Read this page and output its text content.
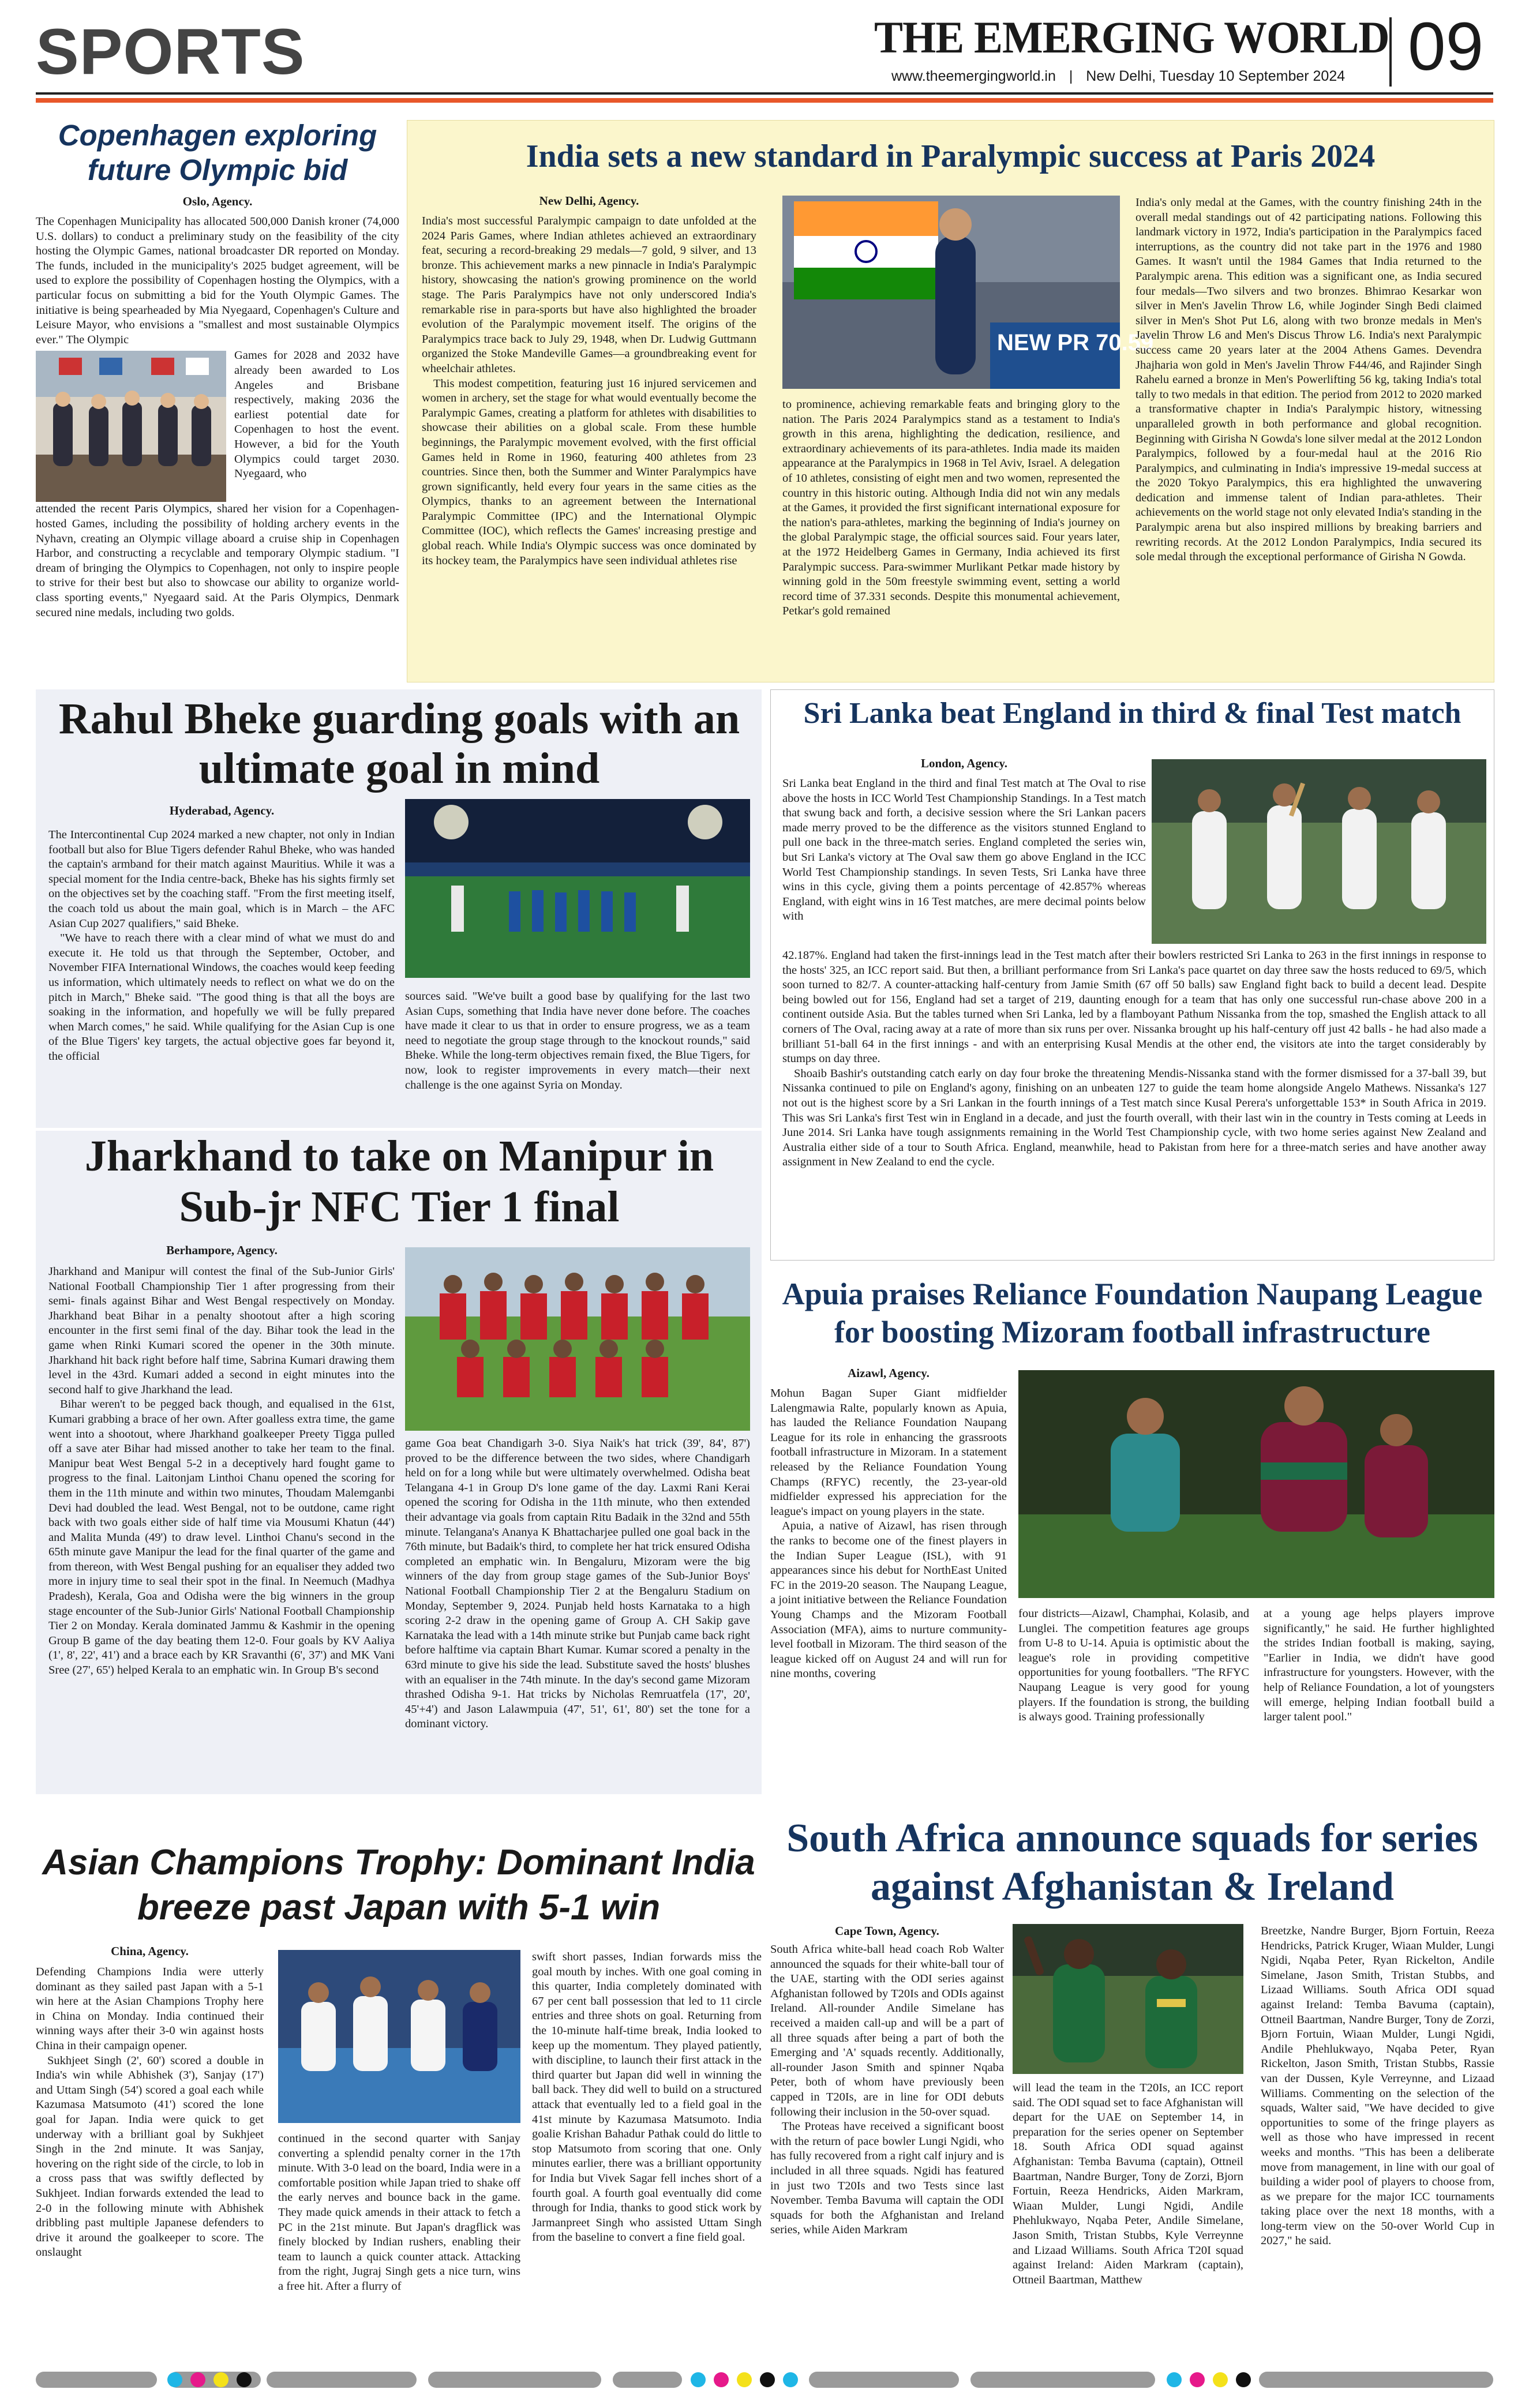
SPORTS	THE EMERGING WORLD
www.theemergingworld.in | New Delhi, Tuesday 10 September 2024 09
Copenhagen exploring future Olympic bid
Oslo, Agency.

The Copenhagen Municipality has allocated 500,000 Danish kroner (74,000 U.S. dollars) to conduct a preliminary study on the feasibility of the city hosting the Olympic Games, national broadcaster DR reported on Monday. The funds, included in the municipality's 2025 budget agreement, will be used to explore the possibility of Copenhagen hosting the Olympics, with a particular focus on submitting a bid for the Youth Olympic Games. The initiative is being spearheaded by Mia Nyegaard, Copenhagen's Culture and Leisure Mayor, who envisions a "smallest and most sustainable Olympics ever." The Olympic

Games for 2028 and 2032 have already been awarded to Los Angeles and Brisbane respectively, making 2036 the earliest potential date for Copenhagen to host the event. However, a bid for the Youth Olympics could target 2030. Nyegaard, who

attended the recent Paris Olympics, shared her vision for a Copenhagen-hosted Games, including the possibility of holding archery events in the Nyhavn, creating an Olympic village aboard a cruise ship in Copenhagen Harbor, and constructing a recyclable and temporary Olympic stadium. "I dream of bringing the Olympics to Copenhagen, not only to inspire people to strive for their best but also to showcase our ability to organize world-class sporting events," Nyegaard said. At the Paris Olympics, Denmark secured nine medals, including two golds.

India sets a new standard in Paralympic success at Paris 2024
New Delhi, Agency.

India's most successful Paralympic campaign to date unfolded at the 2024 Paris Games, where Indian athletes achieved an extraordinary feat, securing a record-breaking 29 medals—7 gold, 9 silver, and 13 bronze. This achievement marks a new pinnacle in India's Paralympic history, showcasing the nation's growing prominence on the world stage. The Paris Paralympics have not only underscored India's remarkable rise in para-sports but have also highlighted the broader evolution of the Paralympic movement itself. The origins of the Paralympics trace back to July 29, 1948, when Dr. Ludwig Guttmann organized the Stoke Mandeville Games—a groundbreaking event for wheelchair athletes.

This modest competition, featuring just 16 injured servicemen and women in archery, set the stage for what would eventually become the Paralympic Games, creating a platform for athletes with disabilities to showcase their abilities on a global scale. From these humble beginnings, the Paralympic movement evolved, with the first official Games held in Rome in 1960, featuring 400 athletes from 23 countries. Since then, both the Summer and Winter Paralympics have grown significantly, held every four years in the same cities as the Olympics, thanks to an agreement between the International Paralympic Committee (IPC) and the International Olympic Committee (IOC), which reflects the Games' increasing prestige and global reach. While India's Olympic success was once dominated by its hockey team, the Paralympics have seen individual athletes rise

NEW PR 70.59

to prominence, achieving remarkable feats and bringing glory to the nation. The Paris 2024 Paralympics stand as a testament to India's growth in this arena, highlighting the dedication, resilience, and extraordinary achievements of its para-athletes. India made its maiden appearance at the Paralympics in 1968 in Tel Aviv, Israel. A delegation of 10 athletes, consisting of eight men and two women, represented the country in this historic outing. Although India did not win any medals at the Games, it provided the first significant international exposure for the nation's para-athletes, marking the beginning of India's journey on the global Paralympic stage, the official sources said. Four years later, at the 1972 Heidelberg Games in Germany, India achieved its first Paralympic success. Para-swimmer Murlikant Petkar made history by winning gold in the 50m freestyle swimming event, setting a world record time of 37.331 seconds. Despite this monumental achievement, Petkar's gold remained

India's only medal at the Games, with the country finishing 24th in the overall medal standings out of 42 participating nations. Following this landmark victory in 1972, India's participation in the Paralympics faced interruptions, as the country did not take part in the 1976 and 1980 Games. It wasn't until the 1984 Games that India returned to the Paralympic arena. This edition was a significant one, as India secured four medals—Two silvers and two bronzes. Bhimrao Kesarkar won silver in Men's Javelin Throw L6, while Joginder Singh Bedi claimed silver in Men's Shot Put L6, along with two bronze medals in Men's Javelin Throw L6 and Men's Discus Throw L6. India's next Paralympic success came 20 years later at the 2004 Athens Games. Devendra Jhajharia won gold in Men's Javelin Throw F44/46, and Rajinder Singh Rahelu earned a bronze in Men's Powerlifting 56 kg, taking India's total tally to two medals in that edition. The period from 2012 to 2020 marked a transformative chapter in India's Paralympic history, witnessing unparalleled growth in both performance and global recognition. Beginning with Girisha N Gowda's lone silver medal at the 2012 London Paralympics, followed by a four-medal haul at the 2016 Rio Paralympics, and culminating in India's impressive 19-medal success at the 2020 Tokyo Paralympics, this era highlighted the unwavering dedication and immense talent of Indian para-athletes. Their achievements on the world stage not only elevated India's standing in the Paralympic arena but also inspired millions by breaking barriers and rewriting records. At the 2012 London Paralympics, India secured its sole medal through the exceptional performance of Girisha N Gowda.

Rahul Bheke guarding goals with an ultimate goal in mind
Hyderabad, Agency.

The Intercontinental Cup 2024 marked a new chapter, not only in Indian football but also for Blue Tigers defender Rahul Bheke, who was handed the captain's armband for their match against Mauritius. While it was a special moment for the India centre-back, Bheke has his sights firmly set on the objectives set by the coaching staff. "From the first meeting itself, the coach told us about the main goal, which is in March – the AFC Asian Cup 2027 qualifiers," said Bheke.

"We have to reach there with a clear mind of what we must do and execute it. He told us that through the September, October, and November FIFA International Windows, the coaches would keep feeding us information, which ultimately needs to reflect on what we do on the pitch in March," Bheke said. "The good thing is that all the boys are soaking in the information, and hopefully we will be fully prepared when March comes," he said. While qualifying for the Asian Cup is one of the Blue Tigers' key targets, the actual objective goes far beyond it, the official

sources said. "We've built a good base by qualifying for the last two Asian Cups, something that India have never done before. The coaches have made it clear to us that in order to ensure progress, we as a team need to negotiate the group stage through to the knockout rounds," said Bheke. While the long-term objectives remain fixed, the Blue Tigers, for now, look to register improvements in every match—their next challenge is the one against Syria on Monday.

Jharkhand to take on Manipur in Sub-jr NFC Tier 1 final
Berhampore, Agency.

Jharkhand and Manipur will contest the final of the Sub-Junior Girls' National Football Championship Tier 1 after progressing from their semi- finals against Bihar and West Bengal respectively on Monday. Jharkhand beat Bihar in a penalty shootout after a high scoring encounter in the first semi final of the day. Bihar took the lead in the game when Rinki Kumari scored the opener in the 30th minute. Jharkhand hit back right before half time, Sabrina Kumari drawing them level in the 43rd. Kumari added a second in eight minutes into the second half to give Jharkhand the lead.

Bihar weren't to be pegged back though, and equalised in the 61st, Kumari grabbing a brace of her own. After goalless extra time, the game went into a shootout, where Jharkhand goalkeeper Preety Tigga pulled off a save ater Bihar had missed another to take her team to the final. Manipur beat West Bengal 5-2 in a deceptively hard fought game to progress to the final. Laitonjam Linthoi Chanu opened the scoring for them in the 11th minute and within two minutes, Thoudam Malemganbi Devi had doubled the lead. West Bengal, not to be outdone, came right back with two goals either side of half time via Mousumi Khatun (44') and Malita Munda (49') to draw level. Linthoi Chanu's second in the 65th minute gave Manipur the lead for the final quarter of the game and from thereon, with West Bengal pushing for an equaliser they added two more in injury time to seal their spot in the final. In Neemuch (Madhya Pradesh), Kerala, Goa and Odisha were the big winners in the group stage encounter of the Sub-Junior Girls' National Football Championship Tier 2 on Monday. Kerala dominated Jammu & Kashmir in the opening Group B game of the day beating them 12-0. Four goals by KV Aaliya (1', 8', 22', 41') and a brace each by KR Sravanthi (6', 37') and MK Vani Sree (27', 65') helped Kerala to an emphatic win. In Group B's second

game Goa beat Chandigarh 3-0. Siya Naik's hat trick (39', 84', 87') proved to be the difference between the two sides, where Chandigarh held on for a long while but were ultimately overwhelmed. Odisha beat Telangana 4-1 in Group D's lone game of the day. Laxmi Rani Kerai opened the scoring for Odisha in the 11th minute, who then extended their advantage via goals from captain Ritu Badaik in the 32nd and 55th minute. Telangana's Ananya K Bhattacharjee pulled one goal back in the 76th minute, but Badaik's third, to complete her hat trick ensured Odisha completed an emphatic win. In Bengaluru, Mizoram were the big winners of the day from group stage games of the Sub-Junior Boys' National Football Championship Tier 2 at the Bengaluru Stadium on Monday, September 9, 2024. Punjab held hosts Karnataka to a high scoring 2-2 draw in the opening game of Group A. CH Sakip gave Karnataka the lead with a 14th minute strike but Punjab came back right before halftime via captain Bhart Kumar. Kumar scored a penalty in the 63rd minute to give his side the lead. Substitute saved the hosts' blushes with an equaliser in the 74th minute. In the day's second game Mizoram thrashed Odisha 9-1. Hat tricks by Nicholas Remruatfela (17', 20', 45'+4') and Jason Lalawmpuia (47', 51', 61', 80') set the tone for a dominant victory.

Sri Lanka beat England in third & final Test match
London, Agency.

Sri Lanka beat England in the third and final Test match at The Oval to rise above the hosts in ICC World Test Championship Standings. In a Test match that swung back and forth, a decisive session where the Sri Lankan pacers made merry proved to be the difference as the visitors stunned England to pull one back in the three-match series. England completed the series win, but Sri Lanka's victory at The Oval saw them go above England in the ICC World Test Championship standings. In seven Tests, Sri Lanka have three wins in this cycle, giving them a points percentage of 42.857% whereas England, with eight wins in 16 Test matches, are mere decimal points below with

42.187%. England had taken the first-innings lead in the Test match after their bowlers restricted Sri Lanka to 263 in the first innings in response to the hosts' 325, an ICC report said. But then, a brilliant performance from Sri Lanka's pace quartet on day three saw the hosts reduced to 69/5, which soon turned to 82/7. A counter-attacking half-century from Jamie Smith (67 off 50 balls) saw England fight back to build a decent lead. Despite being bowled out for 156, England had set a target of 219, daunting enough for a team that has only one successful run-chase above 200 in a continent outside Asia. But the tables turned when Sri Lanka, led by a flamboyant Pathum Nissanka from the top, smashed the English attack to all corners of The Oval, racing away at a rate of more than six runs per over. Nissanka brought up his half-century off just 42 balls - he had also made a brilliant 51-ball 64 in the first innings - and with an enterprising Kusal Mendis at the other end, the visitors ate into the target considerably by stumps on day three.

Shoaib Bashir's outstanding catch early on day four broke the threatening Mendis-Nissanka stand with the former dismissed for a 37-ball 39, but Nissanka continued to pile on England's agony, finishing on an unbeaten 127 to guide the team home alongside Angelo Mathews. Nissanka's 127 not out is the highest score by a Sri Lankan in the fourth innings of a Test match since Kusal Perera's unforgettable 153* in South Africa in 2019. This was Sri Lanka's first Test win in England in a decade, and just the fourth overall, with their last win in the country in Tests coming at Leeds in June 2014. Sri Lanka have tough assignments remaining in the World Test Championship cycle, with two home series against New Zealand and Australia either side of a tour to South Africa. England, meanwhile, head to Pakistan from here for a three-match series and have another away assignment in New Zealand to end the cycle.

Apuia praises Reliance Foundation Naupang League for boosting Mizoram football infrastructure
Aizawl, Agency.

Mohun Bagan Super Giant midfielder Lalengmawia Ralte, popularly known as Apuia, has lauded the Reliance Foundation Naupang League for its role in enhancing the grassroots football infrastructure in Mizoram. In a statement released by the Reliance Foundation Young Champs (RFYC) recently, the 23-year-old midfielder expressed his appreciation for the league's impact on young players in the state.

Apuia, a native of Aizawl, has risen through the ranks to become one of the finest players in the Indian Super League (ISL), with 91 appearances since his debut for NorthEast United FC in the 2019-20 season. The Naupang League, a joint initiative between the Reliance Foundation Young Champs and the Mizoram Football Association (MFA), aims to nurture community-level football in Mizoram. The third season of the league kicked off on August 24 and will run for nine months, covering

four districts—Aizawl, Champhai, Kolasib, and Lunglei. The competition features age groups from U-8 to U-14. Apuia is optimistic about the league's role in providing competitive opportunities for young footballers. "The RFYC Naupang League is very good for young players. If the foundation is strong, the building is always good. Training professionally

at a young age helps players improve significantly," he said. He further highlighted the strides Indian football is making, saying, "Earlier in India, we didn't have good infrastructure for youngsters. However, with the help of Reliance Foundation, a lot of youngsters will emerge, helping Indian football build a larger talent pool."

Asian Champions Trophy: Dominant India breeze past Japan with 5-1 win
China, Agency.

Defending Champions India were utterly dominant as they sailed past Japan with a 5-1 win here at the Asian Champions Trophy here in China on Monday. India continued their winning ways after their 3-0 win against hosts China in their campaign opener.

Sukhjeet Singh (2', 60') scored a double in India's win while Abhishek (3'), Sanjay (17') and Uttam Singh (54') scored a goal each while Kazumasa Matsumoto (41') scored the lone goal for Japan. India were quick to get underway with a brilliant goal by Sukhjeet Singh in the 2nd minute. It was Sanjay, hovering on the right side of the circle, to lob in a cross pass that was swiftly deflected by Sukhjeet. Indian forwards extended the lead to 2-0 in the following minute with Abhishek dribbling past multiple Japanese defenders to drive it around the goalkeeper to score. The onslaught

continued in the second quarter with Sanjay converting a splendid penalty corner in the 17th minute. With 3-0 lead on the board, India were in a comfortable position while Japan tried to shake off the early nerves and bounce back in the game. They made quick amends in their attack to fetch a PC in the 21st minute. But Japan's dragflick was finely blocked by Indian rushers, enabling their team to launch a quick counter attack. Attacking from the right, Jugraj Singh gets a nice turn, wins a free hit. After a flurry of

swift short passes, Indian forwards miss the goal mouth by inches. With one goal coming in this quarter, India completely dominated with 67 per cent ball possession that led to 11 circle entries and three shots on goal. Returning from the 10-minute half-time break, India looked to keep up the momentum. They played patiently, with discipline, to launch their first attack in the third quarter but Japan did well in winning the ball back. They did well to build on a structured attack that eventually led to a field goal in the 41st minute by Kazumasa Matsumoto. India goalie Krishan Bahadur Pathak could do little to stop Matsumoto from scoring that one. Only minutes earlier, there was a brilliant opportunity for India but Vivek Sagar fell inches short of a fourth goal. A fourth goal eventually did come through for India, thanks to good stick work by Jarmanpreet Singh who assisted Uttam Singh from the baseline to convert a fine field goal.

South Africa announce squads for series against Afghanistan & Ireland
Cape Town, Agency.

South Africa white-ball head coach Rob Walter announced the squads for their white-ball tour of the UAE, starting with the ODI series against Afghanistan followed by T20Is and ODIs against Ireland. All-rounder Andile Simelane has received a maiden call-up and will be a part of all three squads after being a part of both the Emerging and 'A' squads recently. Additionally, all-rounder Jason Smith and spinner Nqaba Peter, both of whom have previously been capped in T20Is, are in line for ODI debuts following their inclusion in the 50-over squad.

The Proteas have received a significant boost with the return of pace bowler Lungi Ngidi, who has fully recovered from a right calf injury and is included in all three squads. Ngidi has featured in just two T20Is and two Tests since last November. Temba Bavuma will captain the ODI squads for both the Afghanistan and Ireland series, while Aiden Markram

will lead the team in the T20Is, an ICC report said. The ODI squad set to face Afghanistan will depart for the UAE on September 14, in preparation for the series opener on September 18. South Africa ODI squad against Afghanistan: Temba Bavuma (captain), Ottneil Baartman, Nandre Burger, Tony de Zorzi, Bjorn Fortuin, Reeza Hendricks, Aiden Markram, Wiaan Mulder, Lungi Ngidi, Andile Phehlukwayo, Nqaba Peter, Andile Simelane, Jason Smith, Tristan Stubbs, Kyle Verreynne and Lizaad Williams. South Africa T20I squad against Ireland: Aiden Markram (captain), Ottneil Baartman, Matthew

Breetzke, Nandre Burger, Bjorn Fortuin, Reeza Hendricks, Patrick Kruger, Wiaan Mulder, Lungi Ngidi, Nqaba Peter, Ryan Rickelton, Andile Simelane, Jason Smith, Tristan Stubbs, and Lizaad Williams. South Africa ODI squad against Ireland: Temba Bavuma (captain), Ottneil Baartman, Nandre Burger, Tony de Zorzi, Bjorn Fortuin, Wiaan Mulder, Lungi Ngidi, Andile Phehlukwayo, Nqaba Peter, Ryan Rickelton, Jason Smith, Tristan Stubbs, Rassie van der Dussen, Kyle Verreynne, and Lizaad Williams. Commenting on the selection of the squads, Walter said, "We have decided to give opportunities to some of the fringe players as well as those who have impressed in recent weeks and months. "This has been a deliberate move from management, in line with our goal of building a wider pool of players to choose from, as we prepare for the major ICC tournaments taking place over the next 18 months, with a long-term view on the 50-over World Cup in 2027," he said.
